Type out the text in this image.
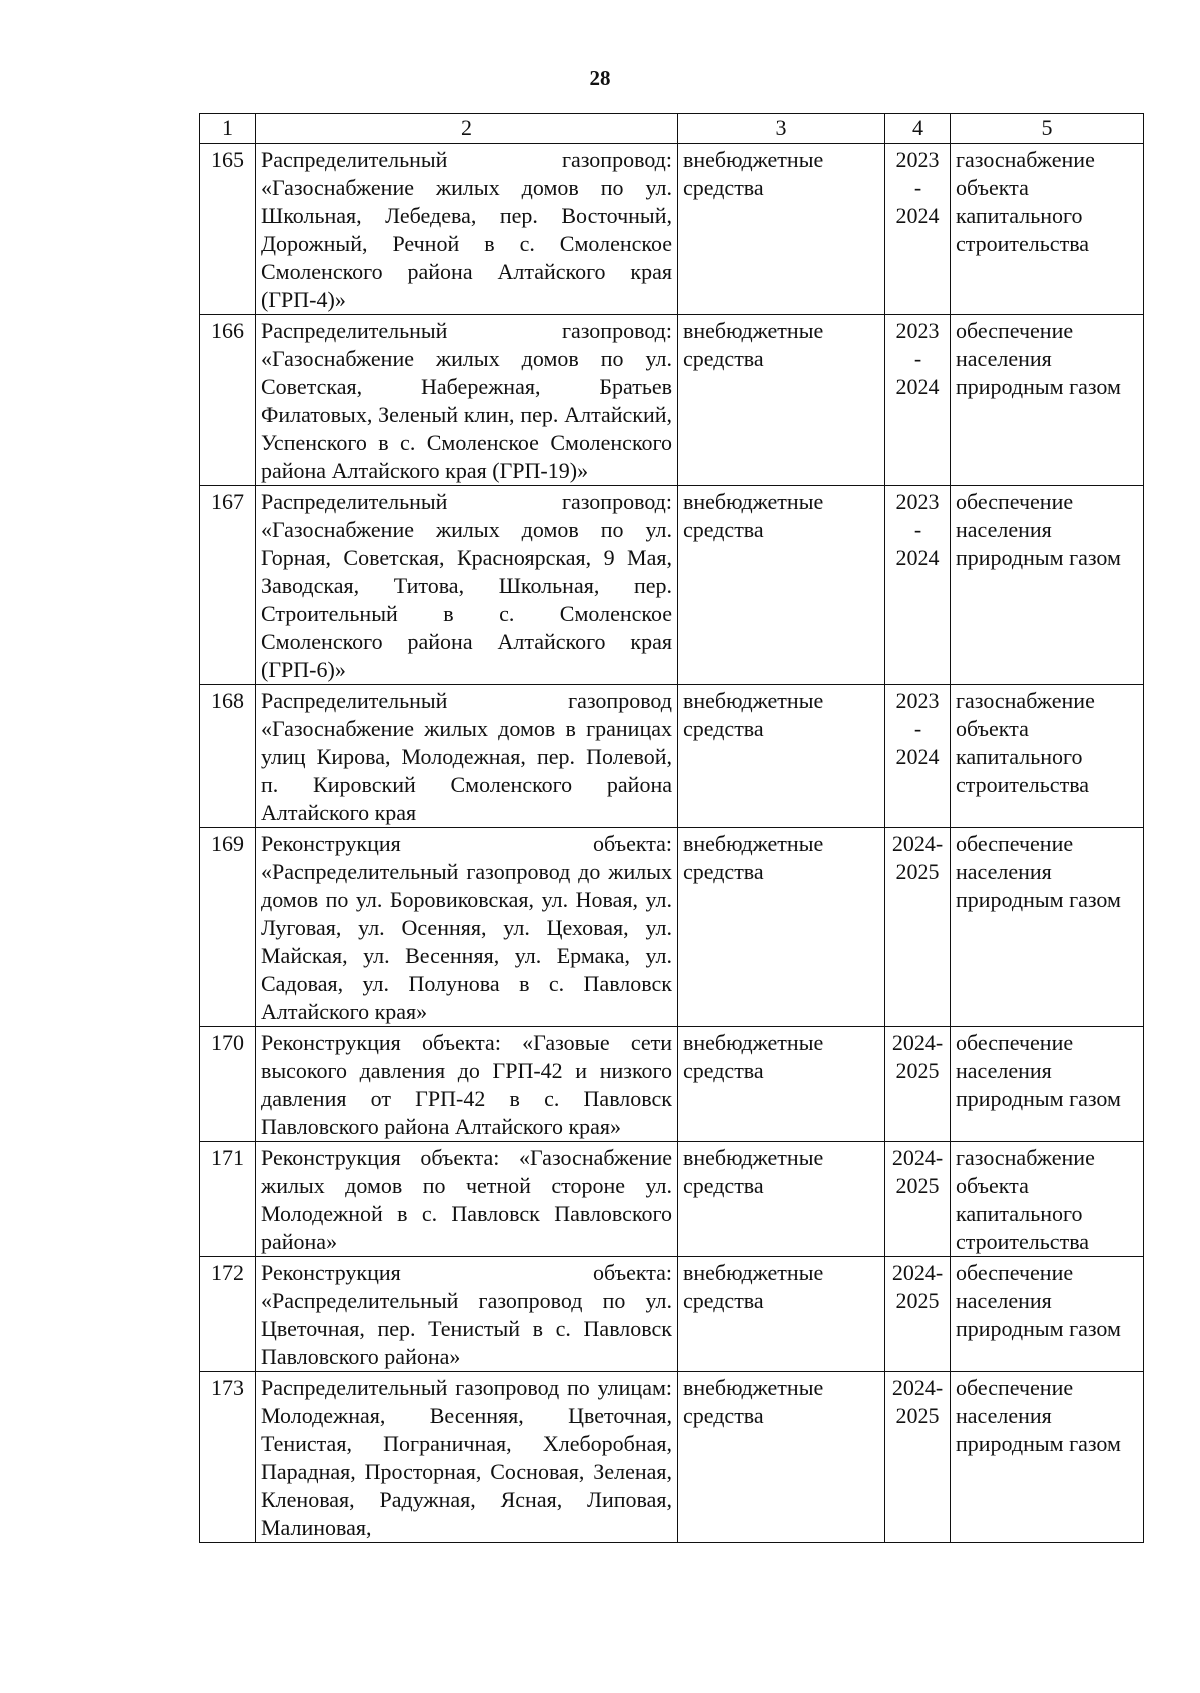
28
1	2	3	4	5
165	Распределительный газопровод: «Газоснабжение жилых домов по ул. Школьная, Лебедева, пер. Восточный, Дорожный, Речной в с. Смоленское Смоленского района Алтайского края (ГРП-4)»	внебюджетные средства	2023 - 2024	газоснабжение объекта капитального строительства
166	Распределительный газопровод: «Газоснабжение жилых домов по ул. Советская, Набережная, Братьев Филатовых, Зеленый клин, пер. Алтайский, Успенского в с. Смоленское Смоленского района Алтайского края (ГРП-19)»	внебюджетные средства	2023 - 2024	обеспечение населения природным газом
167	Распределительный газопровод: «Газоснабжение жилых домов по ул. Горная, Советская, Красноярская, 9 Мая, Заводская, Титова, Школьная, пер. Строительный в с. Смоленское Смоленского района Алтайского края (ГРП-6)»	внебюджетные средства	2023 - 2024	обеспечение населения природным газом
168	Распределительный газопровод «Газоснабжение жилых домов в границах улиц Кирова, Молодежная, пер. Полевой, п. Кировский Смоленского района Алтайского края	внебюджетные средства	2023 - 2024	газоснабжение объекта капитального строительства
169	Реконструкция объекта: «Распределительный газопровод до жилых домов по ул. Боровиковская, ул. Новая, ул. Луговая, ул. Осенняя, ул. Цеховая, ул. Майская, ул. Весенняя, ул. Ермака, ул. Садовая, ул. Полунова в с. Павловск Алтайского края»	внебюджетные средства	2024- 2025	обеспечение населения природным газом
170	Реконструкция объекта: «Газовые сети высокого давления до ГРП-42 и низкого давления от ГРП-42 в с. Павловск Павловского района Алтайского края»	внебюджетные средства	2024- 2025	обеспечение населения природным газом
171	Реконструкция объекта: «Газоснабжение жилых домов по четной стороне ул. Молодежной в с. Павловск Павловского района»	внебюджетные средства	2024- 2025	газоснабжение объекта капитального строительства
172	Реконструкция объекта: «Распределительный газопровод по ул. Цветочная, пер. Тенистый в с. Павловск Павловского района»	внебюджетные средства	2024- 2025	обеспечение населения природным газом
173	Распределительный газопровод по улицам: Молодежная, Весенняя, Цветочная, Тенистая, Пограничная, Хлеборобная, Парадная, Просторная, Сосновая, Зеленая, Кленовая, Радужная, Ясная, Липовая, Малиновая,	внебюджетные средства	2024- 2025	обеспечение населения природным газом
